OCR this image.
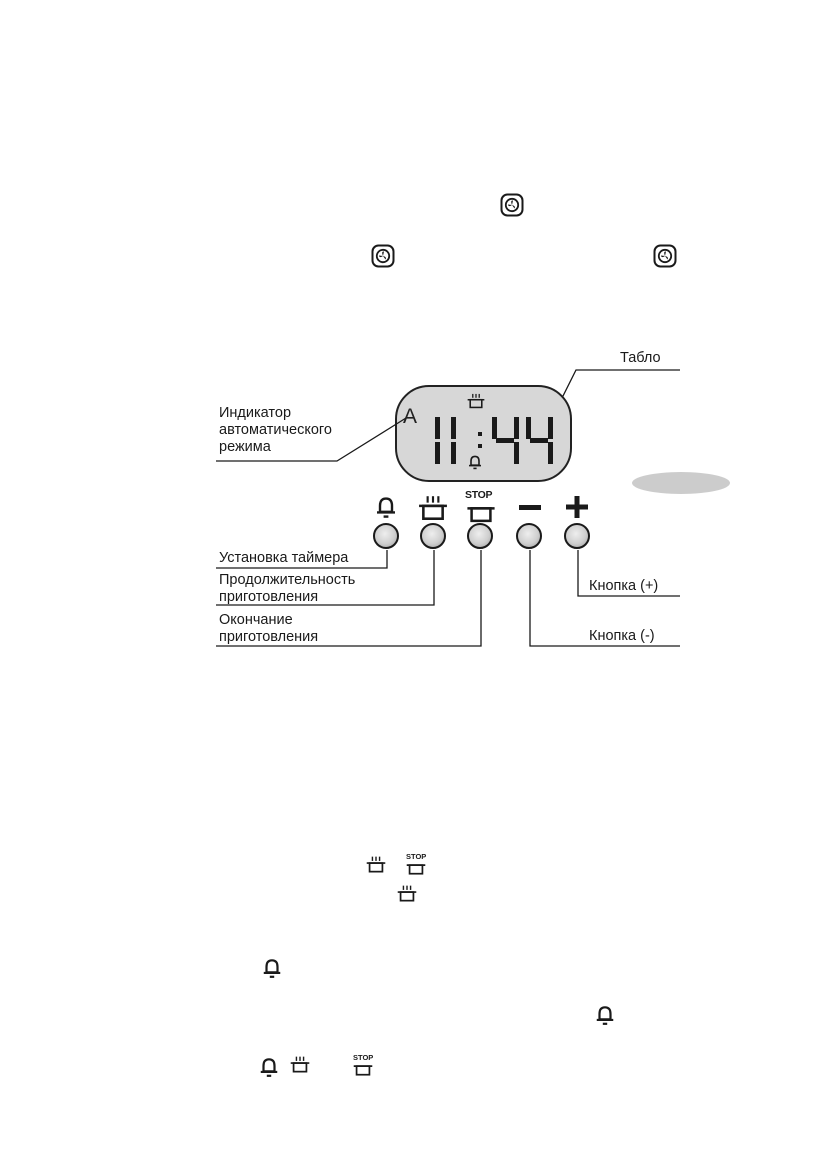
Табло
A
Индикатор
автоматического
режима
STOP
Установка таймера
Продолжительность
приготовления
Окончание
приготовления
Кнопка (+)
Кнопка (-)
STOP
STOP
